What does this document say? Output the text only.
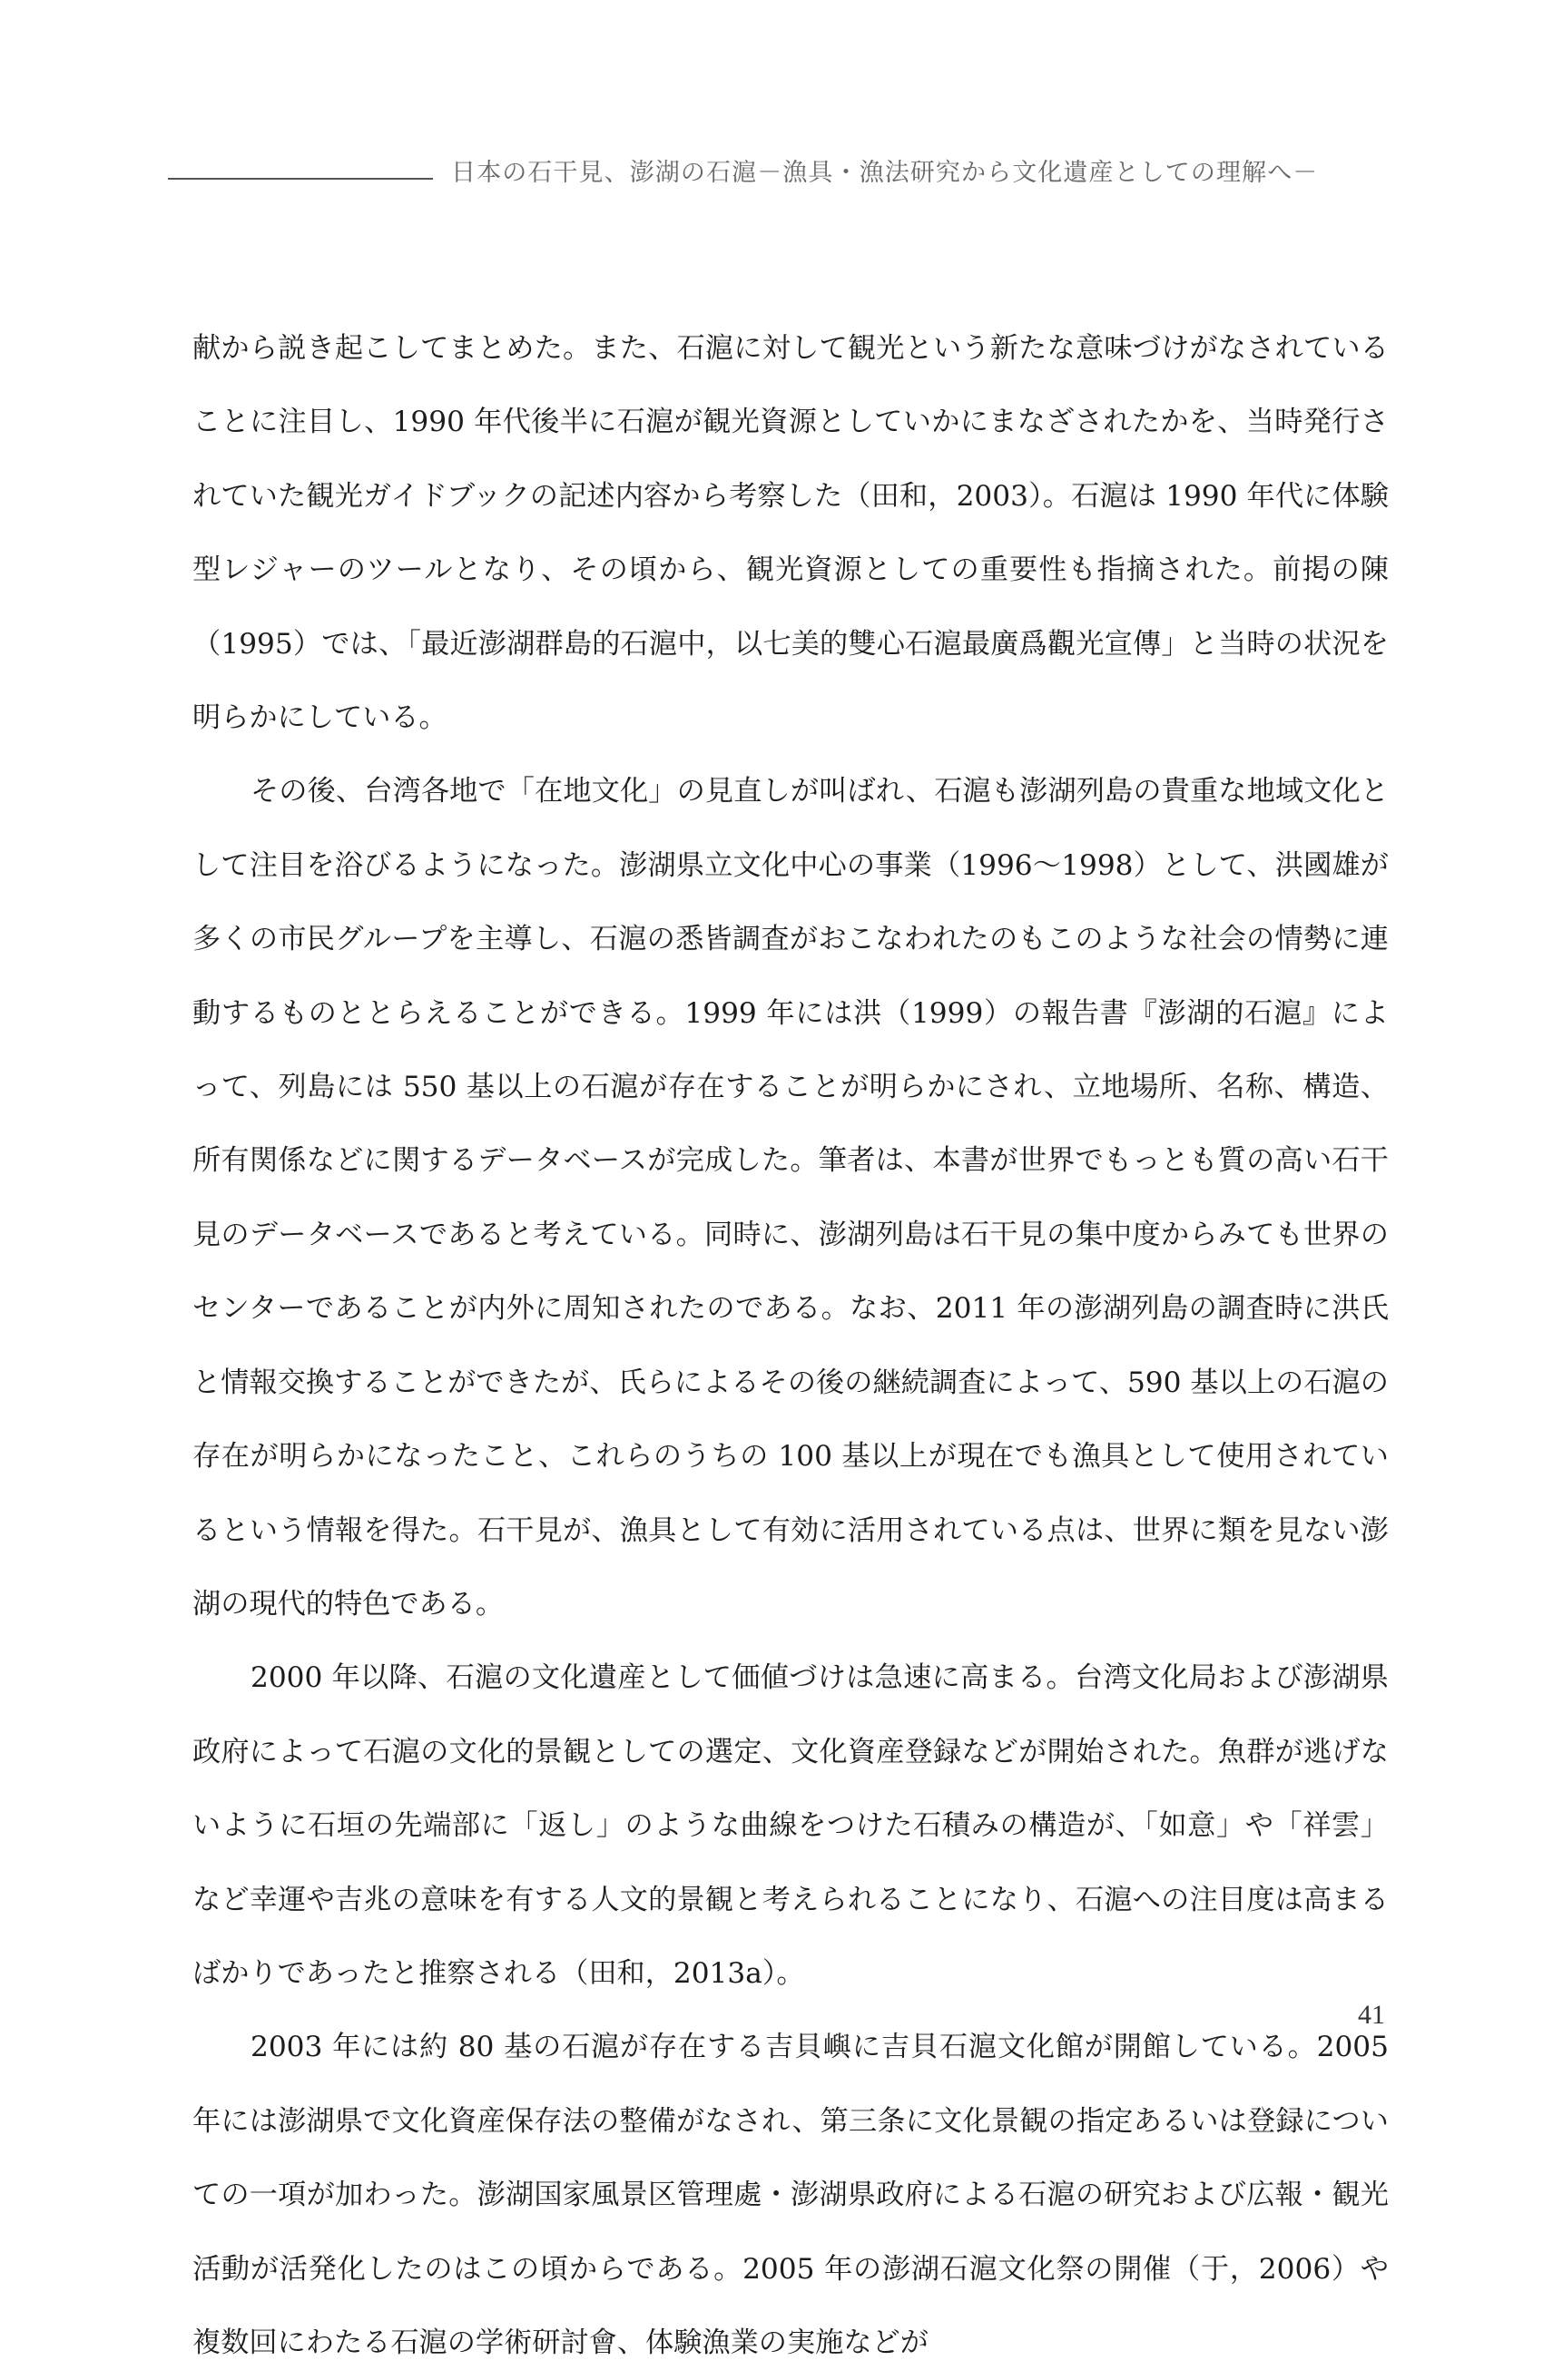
日本の石干見、澎湖の石滬－漁具・漁法研究から文化遺産としての理解へ－

献から説き起こしてまとめた。また、石滬に対して観光という新たな意味づけがなされていることに注目し、1990 年代後半に石滬が観光資源としていかにまなざされたかを、当時発行されていた観光ガイドブックの記述内容から考察した（田和，2003）。石滬は 1990 年代に体験型レジャーのツールとなり、その頃から、観光資源としての重要性も指摘された。前掲の陳（1995）では、「最近澎湖群島的石滬中，以七美的雙心石滬最廣爲觀光宣傳」と当時の状況を明らかにしている。

その後、台湾各地で「在地文化」の見直しが叫ばれ、石滬も澎湖列島の貴重な地域文化として注目を浴びるようになった。澎湖県立文化中心の事業（1996～1998）として、洪國雄が多くの市民グループを主導し、石滬の悉皆調査がおこなわれたのもこのような社会の情勢に連動するものととらえることができる。1999 年には洪（1999）の報告書『澎湖的石滬』によって、列島には 550 基以上の石滬が存在することが明らかにされ、立地場所、名称、構造、所有関係などに関するデータベースが完成した。筆者は、本書が世界でもっとも質の高い石干見のデータベースであると考えている。同時に、澎湖列島は石干見の集中度からみても世界のセンターであることが内外に周知されたのである。なお、2011 年の澎湖列島の調査時に洪氏と情報交換することができたが、氏らによるその後の継続調査によって、590 基以上の石滬の存在が明らかになったこと、これらのうちの 100 基以上が現在でも漁具として使用されているという情報を得た。石干見が、漁具として有効に活用されている点は、世界に類を見ない澎湖の現代的特色である。

2000 年以降、石滬の文化遺産として価値づけは急速に高まる。台湾文化局および澎湖県政府によって石滬の文化的景観としての選定、文化資産登録などが開始された。魚群が逃げないように石垣の先端部に「返し」のような曲線をつけた石積みの構造が、「如意」や「祥雲」など幸運や吉兆の意味を有する人文的景観と考えられることになり、石滬への注目度は高まるばかりであったと推察される（田和，2013a）。

2003 年には約 80 基の石滬が存在する吉貝嶼に吉貝石滬文化館が開館している。2005 年には澎湖県で文化資産保存法の整備がなされ、第三条に文化景観の指定あるいは登録についての一項が加わった。澎湖国家風景区管理處・澎湖県政府による石滬の研究および広報・観光活動が活発化したのはこの頃からである。2005 年の澎湖石滬文化祭の開催（于，2006）や複数回にわたる石滬の学術研討會、体験漁業の実施などが

41
